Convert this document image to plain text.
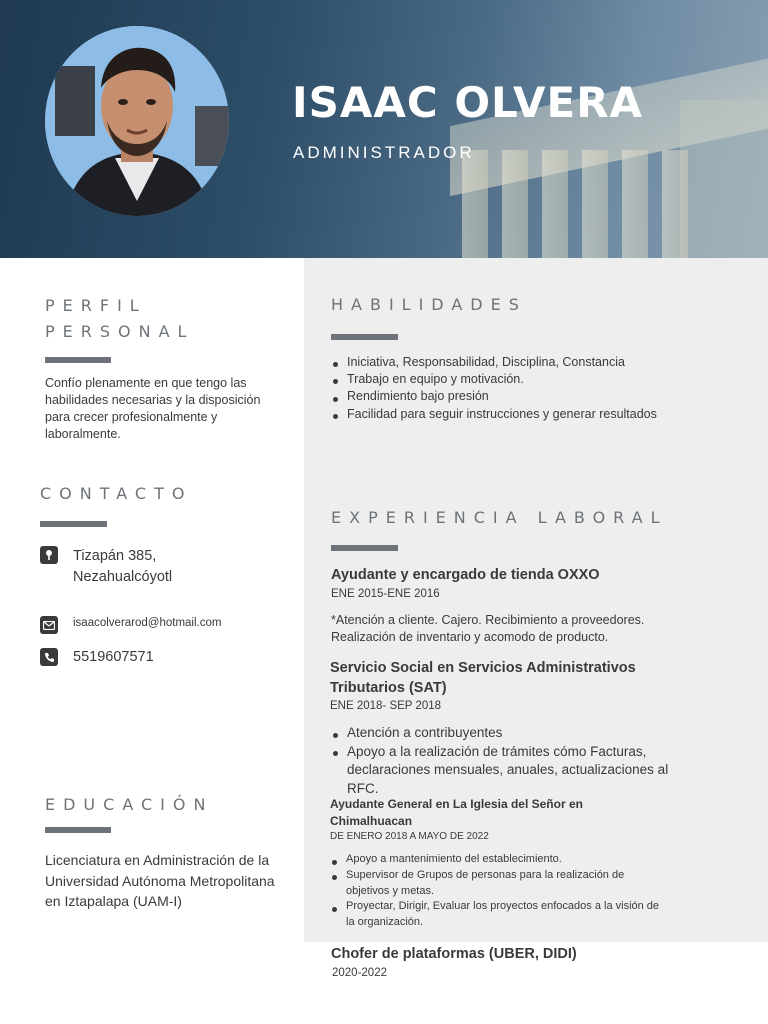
ISAAC OLVERA
ADMINISTRADOR
PERFIL
PERSONAL
Confío plenamente en que tengo las habilidades necesarias y la disposición para crecer profesionalmente y laboralmente.
CONTACTO
Tizapán 385,
Nezahualcóyotl
isaacolverarod@hotmail.com
5519607571
EDUCACIÓN
Licenciatura en Administración de la Universidad Autónoma Metropolitana en Iztapalapa (UAM-I)
HABILIDADES
Iniciativa, Responsabilidad, Disciplina, Constancia
Trabajo en equipo y motivación.
Rendimiento bajo presión
Facilidad para seguir instrucciones y generar resultados
EXPERIENCIA LABORAL
Ayudante y encargado de tienda OXXO
ENE 2015-ENE 2016
*Atención a cliente. Cajero. Recibimiento a proveedores. Realización de inventario y acomodo de producto.
Servicio Social en Servicios Administrativos Tributarios (SAT)
ENE 2018- SEP 2018
Atención a contribuyentes
Apoyo a la realización de trámites cómo Facturas, declaraciones mensuales, anuales, actualizaciones al RFC.
Ayudante General en La Iglesia del Señor en Chimalhuacan
DE ENERO 2018 A MAYO DE 2022
Apoyo a mantenimiento del establecimiento.
Supervisor de Grupos de personas para la realización de objetivos y metas.
Proyectar, Dirigir, Evaluar los proyectos enfocados a la visión de la organización.
Chofer de plataformas (UBER, DIDI)
2020-2022
